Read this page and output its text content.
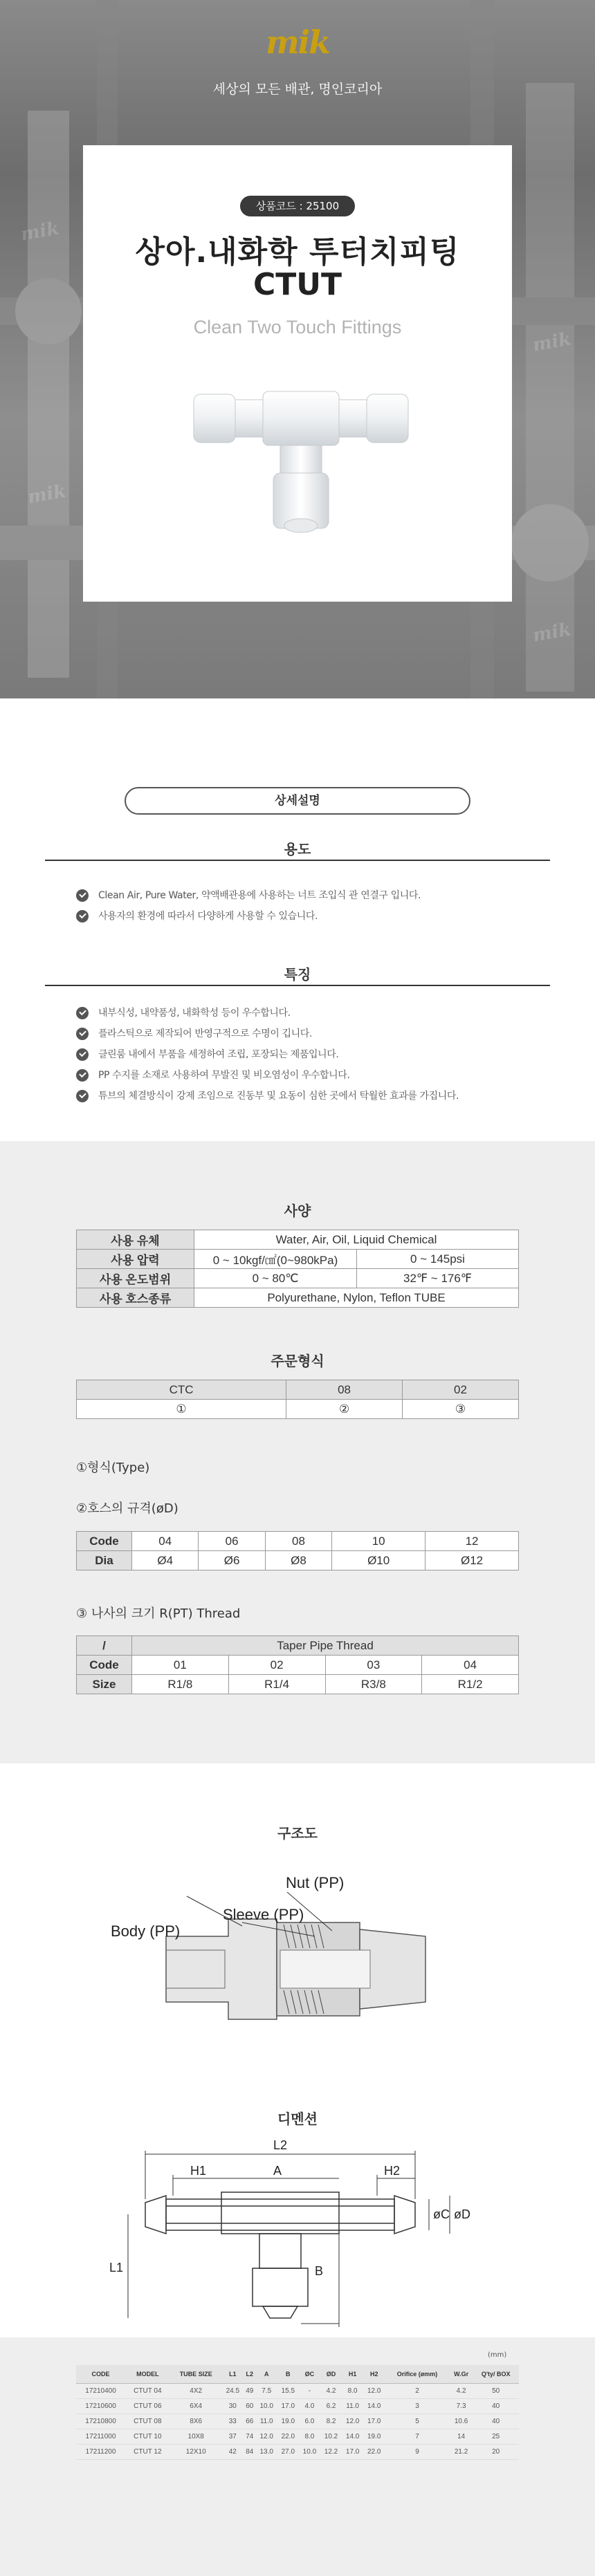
mik
mik
mik
mik
mik
세상의 모든 배관, 명인코리아
상품코드 : 25100
상아.내화학 투터치피팅
CTUT
Clean Two Touch Fittings
상세설명
용도
Clean Air, Pure Water, 약액배관용에 사용하는 너트 조입식 관 연결구 입니다.
사용자의 환경에 따라서 다양하게 사용할 수 있습니다.
특징
내부식성, 내약품성, 내화학성 등이 우수합니다.
플라스틱으로 제작되어 반영구적으로 수명이 깁니다.
클린룸 내에서 부품을 세정하여 조립, 포장되는 제품입니다.
PP 수지를 소재로 사용하여 무발진 및 비오염성이 우수합니다.
튜브의 체결방식이 강제 조임으로 진동부 및 요동이 심한 곳에서 탁월한 효과를 가집니다.
사양
사용 유체	Water, Air, Oil, Liquid Chemical	
사용 압력	0 ~ 10kgf/㎠(0~980kPa)	0 ~ 145psi
사용 온도범위	0 ~ 80℃	32℉ ~ 176℉
사용 호스종류	Polyurethane, Nylon, Teflon TUBE	
주문형식
CTC	08	02
①	②	③
①형식(Type)
②호스의 규격(øD)
Code	04	06	08	10	12
Dia	Ø4	Ø6	Ø8	Ø10	Ø12
③ 나사의 크기 R(PT) Thread
/	Taper Pipe Thread			
Code	01	02	03	04
Size	R1/8	R1/4	R3/8	R1/2
구조도
Nut (PP)
Sleeve (PP)
Body (PP)
디멘션
L2
H1	A	H2
L1	B
øC øD
(mm)
CODE	MODEL	TUBE SIZE	L1	L2	A	B	ØC	ØD	H1	H2	Orifice (ømm)	W.Gr	Q'ty/ BOX
17210400	CTUT 04	4X2	24.5	49	7.5	15.5	-	4.2	8.0	12.0	2	4.2	50
17210600	CTUT 06	6X4	30	60	10.0	17.0	4.0	6.2	11.0	14.0	3	7.3	40
17210800	CTUT 08	8X6	33	66	11.0	19.0	6.0	8.2	12.0	17.0	5	10.6	40
17211000	CTUT 10	10X8	37	74	12.0	22.0	8.0	10.2	14.0	19.0	7	14	25
17211200	CTUT 12	12X10	42	84	13.0	27.0	10.0	12.2	17.0	22.0	9	21.2	20
